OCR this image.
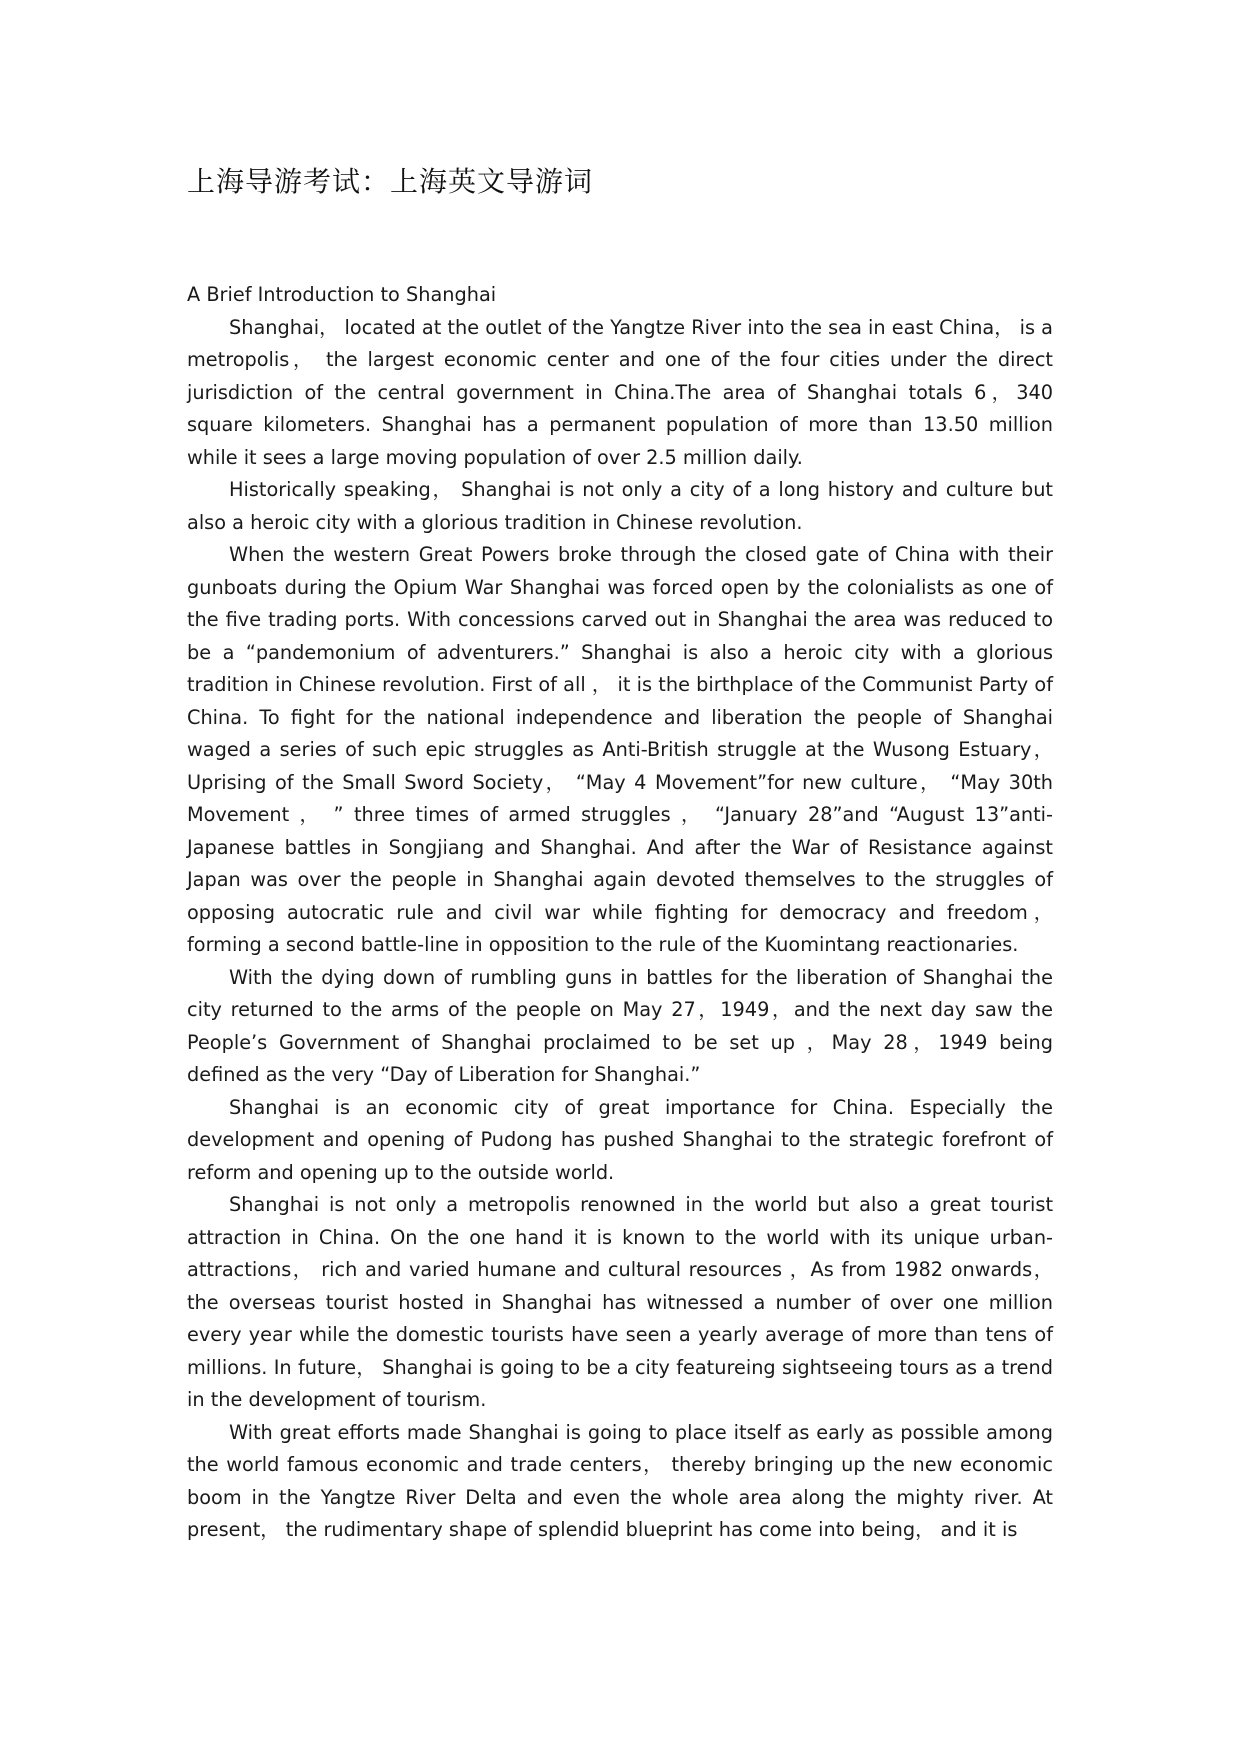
上海导游考试：上海英文导游词

A Brief Introduction to Shanghai

Shanghai， located at the outlet of the Yangtze River into the sea in east China， is a metropolis， the largest economic center and one of the four cities under the direct jurisdiction of the central government in China.The area of Shanghai totals 6，340 square kilometers. Shanghai has a permanent population of more than 13.50 million while it sees a large moving population of over 2.5 million daily.

Historically speaking， Shanghai is not only a city of a long history and culture but also a heroic city with a glorious tradition in Chinese revolution.

When the western Great Powers broke through the closed gate of China with their gunboats during the Opium War Shanghai was forced open by the colonialists as one of the five trading ports. With concessions carved out in Shanghai the area was reduced to be a “pandemonium of adventurers.” Shanghai is also a heroic city with a glorious tradition in Chinese revolution. First of all ， it is the birthplace of the Communist Party of China. To fight for the national independence and liberation the people of Shanghai waged a series of such epic struggles as Anti-British struggle at the Wusong Estuary， Uprising of the Small Sword Society， “May 4 Movement”for new culture， “May 30th Movement ， ” three times of armed struggles ， “January 28”and “August 13”anti-Japanese battles in Songjiang and Shanghai. And after the War of Resistance against Japan was over the people in Shanghai again devoted themselves to the struggles of opposing autocratic rule and civil war while fighting for democracy and freedom， forming a second battle-line in opposition to the rule of the Kuomintang reactionaries.

With the dying down of rumbling guns in battles for the liberation of Shanghai the city returned to the arms of the people on May 27，1949，and the next day saw the People’s Government of Shanghai proclaimed to be set up ，May 28，1949 being defined as the very “Day of Liberation for Shanghai.”

Shanghai is an economic city of great importance for China. Especially the development and opening of Pudong has pushed Shanghai to the strategic forefront of reform and opening up to the outside world.

Shanghai is not only a metropolis renowned in the world but also a great tourist attraction in China. On the one hand it is known to the world with its unique urban-attractions， rich and varied humane and cultural resources ，As from 1982 onwards，the overseas tourist hosted in Shanghai has witnessed a number of over one million every year while the domestic tourists have seen a yearly average of more than tens of millions. In future， Shanghai is going to be a city featureing sightseeing tours as a trend in the development of tourism.

With great efforts made Shanghai is going to place itself as early as possible among the world famous economic and trade centers， thereby bringing up the new economic boom in the Yangtze River Delta and even the whole area along the mighty river. At present， the rudimentary shape of splendid blueprint has come into being， and it is
